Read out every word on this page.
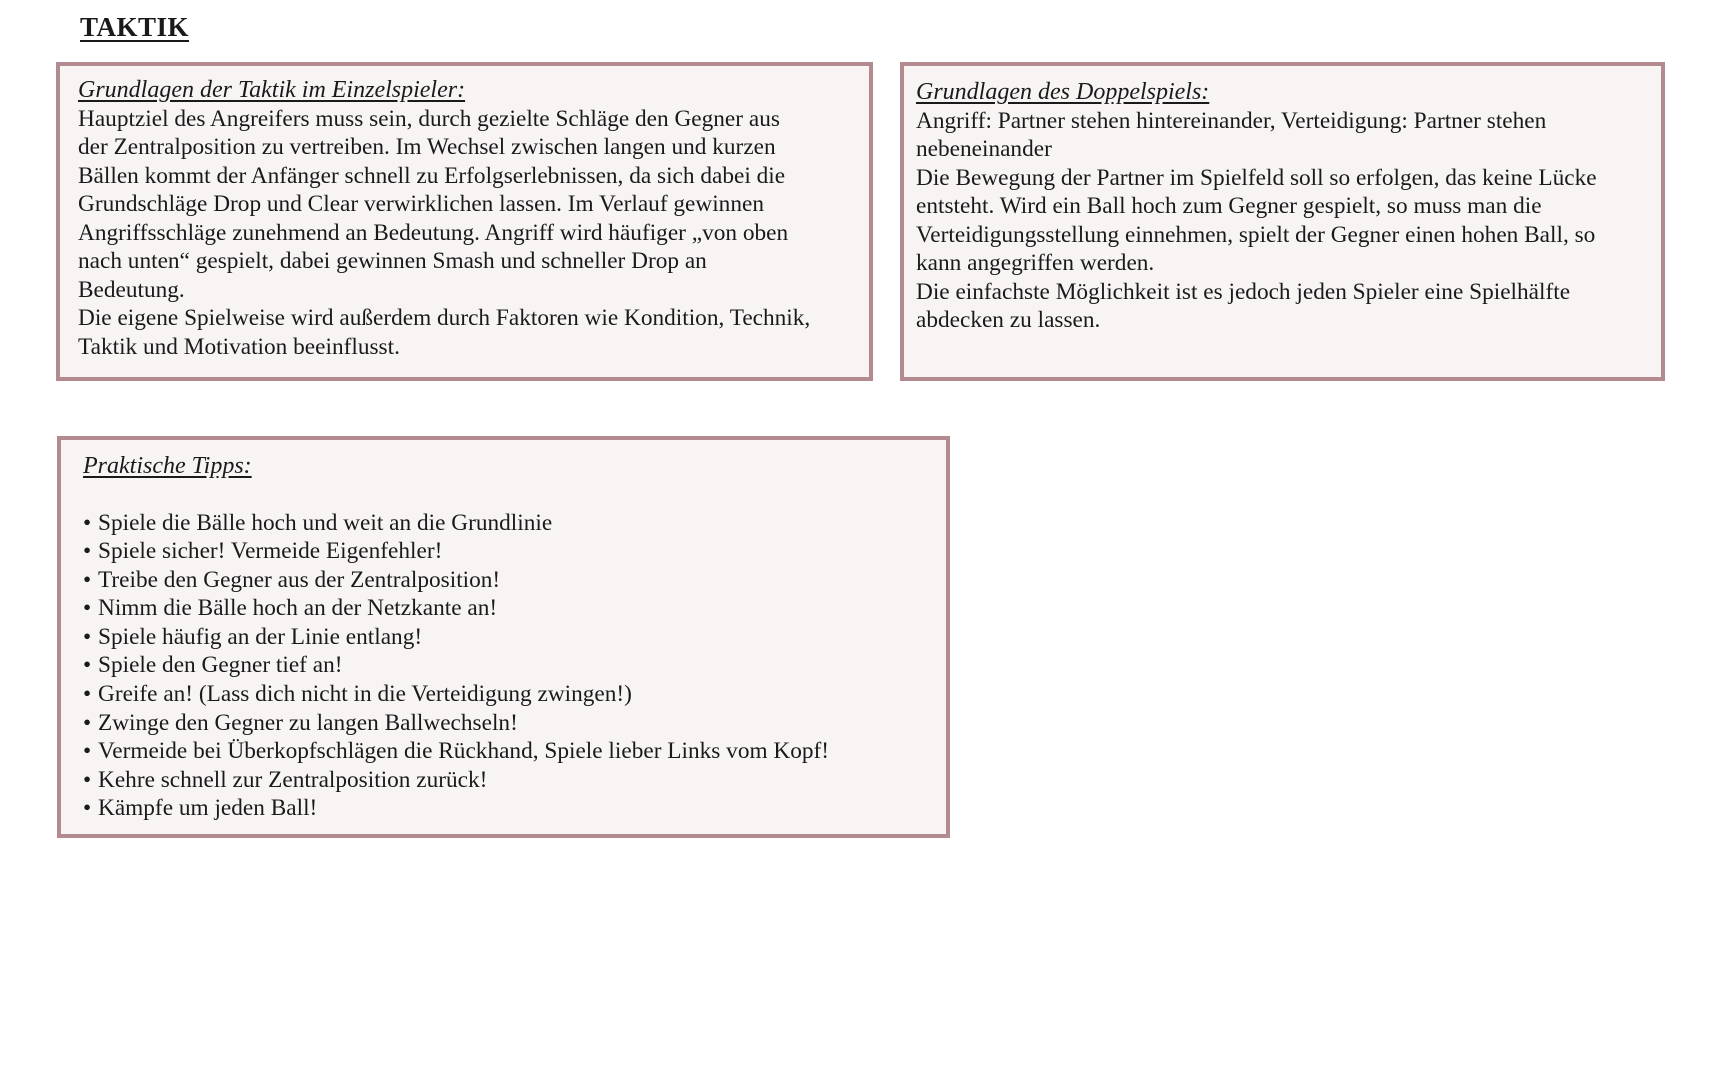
TAKTIK

Grundlagen der Taktik im Einzelspieler:

Hauptziel des Angreifers muss sein, durch gezielte Schläge den Gegner aus
der Zentralposition zu vertreiben. Im Wechsel zwischen langen und kurzen
Bällen kommt der Anfänger schnell zu Erfolgserlebnissen, da sich dabei die
Grundschläge Drop und Clear verwirklichen lassen. Im Verlauf gewinnen
Angriffsschläge zunehmend an Bedeutung. Angriff wird häufiger „von oben
nach unten“ gespielt, dabei gewinnen Smash und schneller Drop an
Bedeutung.
Die eigene Spielweise wird außerdem durch Faktoren wie Kondition, Technik,
Taktik und Motivation beeinflusst.

Grundlagen des Doppelspiels:

Angriff: Partner stehen hintereinander, Verteidigung: Partner stehen
nebeneinander
Die Bewegung der Partner im Spielfeld soll so erfolgen, das keine Lücke
entsteht. Wird ein Ball hoch zum Gegner gespielt, so muss man die
Verteidigungsstellung einnehmen, spielt der Gegner einen hohen Ball, so
kann angegriffen werden.
Die einfachste Möglichkeit ist es jedoch jeden Spieler eine Spielhälfte
abdecken zu lassen.

Praktische Tipps:

• Spiele die Bälle hoch und weit an die Grundlinie
• Spiele sicher! Vermeide Eigenfehler!
• Treibe den Gegner aus der Zentralposition!
• Nimm die Bälle hoch an der Netzkante an!
• Spiele häufig an der Linie entlang!
• Spiele den Gegner tief an!
• Greife an! (Lass dich nicht in die Verteidigung zwingen!)
• Zwinge den Gegner zu langen Ballwechseln!
• Vermeide bei Überkopfschlägen die Rückhand, Spiele lieber Links vom Kopf!
• Kehre schnell zur Zentralposition zurück!
• Kämpfe um jeden Ball!
